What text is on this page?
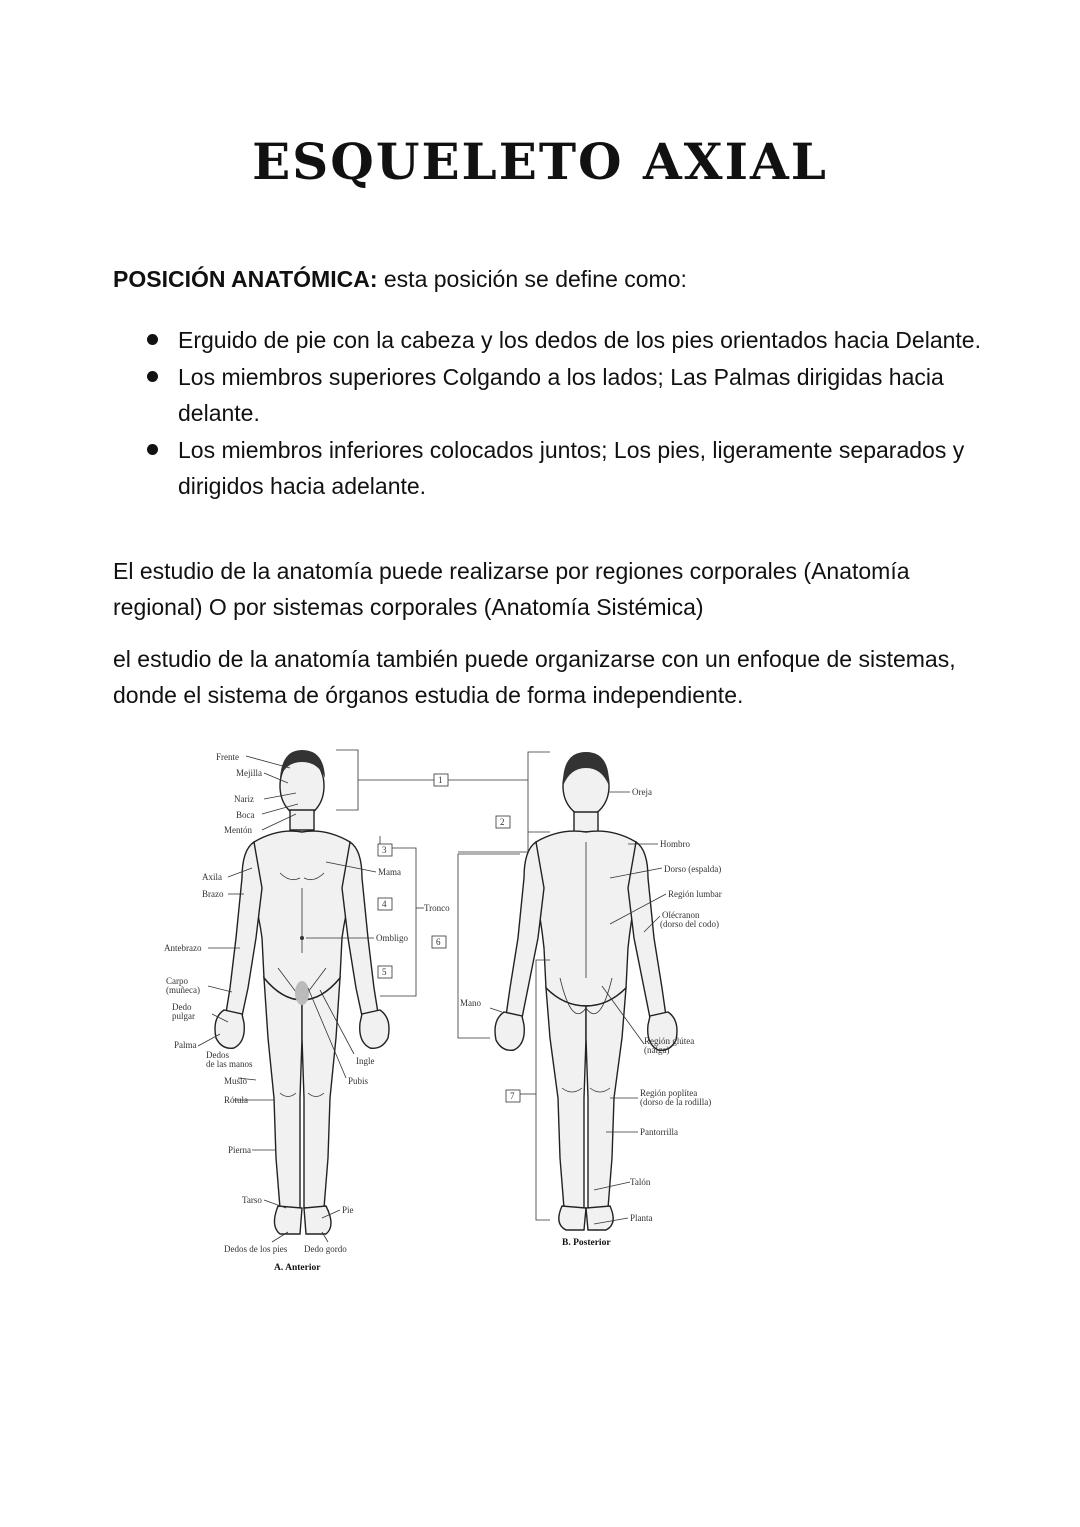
ESQUELETO AXIAL

POSICIÓN ANATÓMICA: esta posición se define como:

Erguido de pie con la cabeza y los dedos de los pies orientados hacia Delante.
Los miembros superiores Colgando a los lados; Las Palmas dirigidas hacia delante.
Los miembros inferiores colocados juntos; Los pies, ligeramente separados y dirigidos hacia adelante.

El estudio de la anatomía puede realizarse por regiones corporales (Anatomía regional) O por sistemas corporales (Anatomía Sistémica)

el estudio de la anatomía también puede organizarse con un enfoque de sistemas, donde el sistema de órganos estudia de forma independiente.

1
2
3
4
5
6
7
Frente
Mejilla
Nariz
Boca
Mentón
Axila
Brazo
Antebrazo
Carpo
(muñeca)
Dedo
pulgar
Palma
Dedos
de las manos
Muslo
Rótula
Pierna
Tarso
Pie
Dedos de los pies Dedo gordo
Mama
Ombligo
Ingle
Pubis
Tronco
A. Anterior
Oreja
Hombro
Dorso (espalda)
Región lumbar
Olécranon
(dorso del codo)
Mano
Región glútea
(nalga)
Región poplítea
(dorso de la rodilla)
Pantorrilla
Talón
Planta
B. Posterior
